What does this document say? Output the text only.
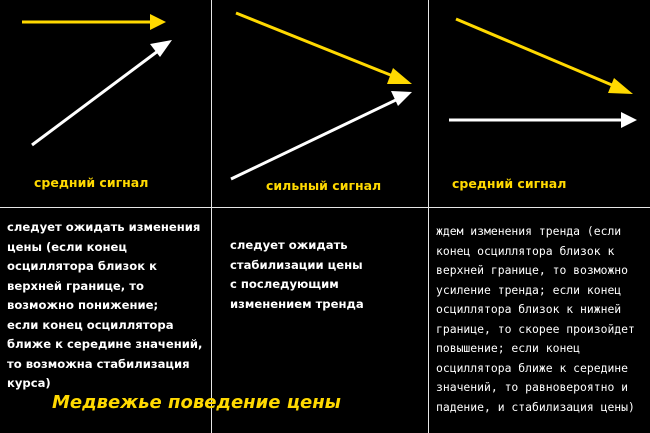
средний сигнал	сильный сигнал	средний сигнал
следует ожидать изменения
цены (если конец
осциллятора близок к
верхней границе, то
возможно понижение;
если конец осциллятора
ближе к середине значений,
то возможна стабилизация
курса)
следует ожидать
стабилизации цены
с последующим
изменением тренда
ждем изменения тренда (если
конец осциллятора близок к
верхней границе, то возможно
усиление тренда; если конец
осциллятора близок к нижней
границе, то скорее произойдет
повышение; если конец
осциллятора ближе к середине
значений, то равновероятно и
падение, и стабилизация цены)
Медвежье поведение цены
